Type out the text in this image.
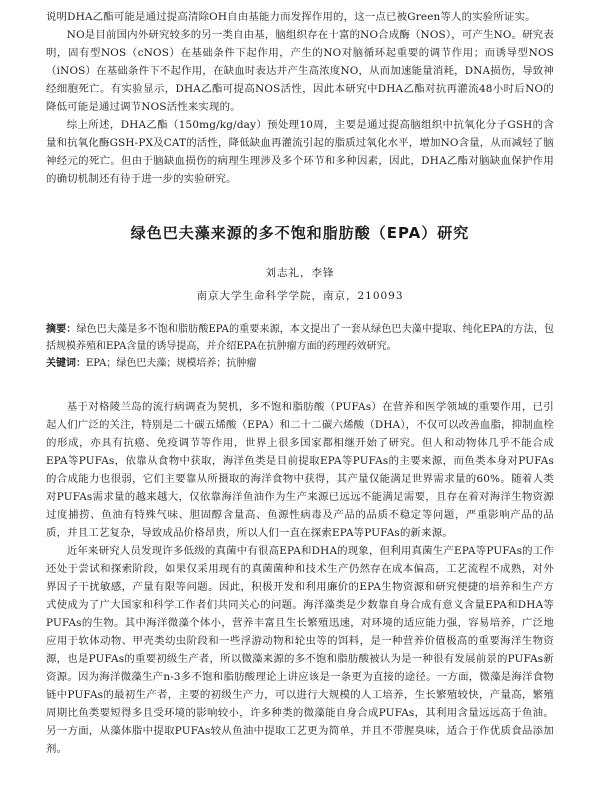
说明DHA乙酯可能是通过提高清除OH自由基能力而发挥作用的，这一点已被Green等人的实验所证实。

NO是目前国内外研究较多的另一类自由基，脑组织存在十富的NO合成酶（NOS），可产生NO。研究表明，固有型NOS（cNOS）在基础条件下起作用，产生的NO对脑循环起重要的调节作用；而诱导型NOS（iNOS）在基础条件下不起作用，在缺血时表达并产生高浓度NO，从而加速能量消耗，DNA损伤，导致神经细胞死亡。有实验显示，DHA乙酯可提高NOS活性，因此本研究中DHA乙酯对抗再灌流48小时后NO的降低可能是通过调节NOS活性来实现的。

综上所述，DHA乙酯（150mg/kg/day）预处理10周，主要是通过提高脑组织中抗氧化分子GSH的含量和抗氧化酶GSH-PX及CAT的活性，降低缺血再灌流引起的脂质过氧化水平，增加NO含量，从而减轻了脑神经元的死亡。但由于脑缺血损伤的病理生理涉及多个环节和多种因素，因此，DHA乙酯对脑缺血保护作用的确切机制还有待于进一步的实验研究。

绿色巴夫藻来源的多不饱和脂肪酸（EPA）研究
刘志礼，李锋
南京大学生命科学学院，南京，210093

摘要：绿色巴夫藻是多不饱和脂肪酸EPA的重要来源，本文提出了一套从绿色巴夫藻中提取、纯化EPA的方法，包括规模养殖和EPA含量的诱导提高，并介绍EPA在抗肿瘤方面的药理药效研究。

关键词：EPA；绿色巴夫藻；规模培养；抗肿瘤

基于对格陵兰岛的流行病调查为契机，多不饱和脂肪酸（PUFAs）在营养和医学领域的重要作用，已引起人们广泛的关注，特别是二十碳五烯酸（EPA）和二十二碳六烯酸（DHA），不仅可以改善血脂，抑制血栓的形成，亦具有抗癌、免疫调节等作用，世界上很多国家都相继开始了研究。但人和动物体几乎不能合成EPA等PUFAs，依靠从食物中获取，海洋鱼类是目前提取EPA等PUFAs的主要来源，而鱼类本身对PUFAs的合成能力也很弱，它们主要靠从所摄取的海洋食物中获得，其产量仅能满足世界需求量的60%。随着人类对PUFAs需求量的越来越大，仅依靠海洋鱼油作为生产来源已远远不能满足需要，且存在着对海洋生物资源过度捕捞、鱼油有特殊气味、胆固醇含量高、鱼源性病毒及产品的品质不稳定等问题，严重影响产品的品质，并且工艺复杂，导致成品价格昂贵，所以人们一直在探索EPA等PUFAs的新来源。

近年来研究人员发现许多低级的真菌中有很高EPA和DHA的现象，但利用真菌生产EPA等PUFAs的工作还处于尝试和探索阶段，如果仅采用现有的真菌菌种和技术生产仍然存在成本偏高，工艺流程不成熟，对外界因子干扰敏感，产量有限等问题。因此，积极开发和利用廉价的EPA生物资源和研究便捷的培养和生产方式使成为了广大国家和科学工作者们共同关心的问题。海洋藻类是少数靠自身合成有意义含量EPA和DHA等PUFAs的生物。其中海洋微藻个体小，营养丰富且生长繁殖迅速，对环境的适应能力强，容易培养，广泛地应用于软体动物、甲壳类幼虫阶段和一些浮游动物和轮虫等的饵料，是一种营养价值极高的重要海洋生物资源，也是PUFAs的重要初级生产者，所以微藻来源的多不饱和脂肪酸被认为是一种很有发展前景的PUFAs新资源。因为海洋微藻生产n-3多不饱和脂肪酸理论上讲应该是一条更为直接的途径。一方面，微藻是海洋食物链中PUFAs的最初生产者，主要的初级生产力，可以进行大规模的人工培养，生长繁殖较快，产量高，繁殖周期比鱼类要短得多且受环境的影响较小，许多种类的微藻能自身合成PUFAs，其利用含量远远高于鱼油。另一方面，从藻体脂中提取PUFAs较从鱼油中提取工艺更为简单，并且不带腥臭味，适合于作优质食品添加剂。
